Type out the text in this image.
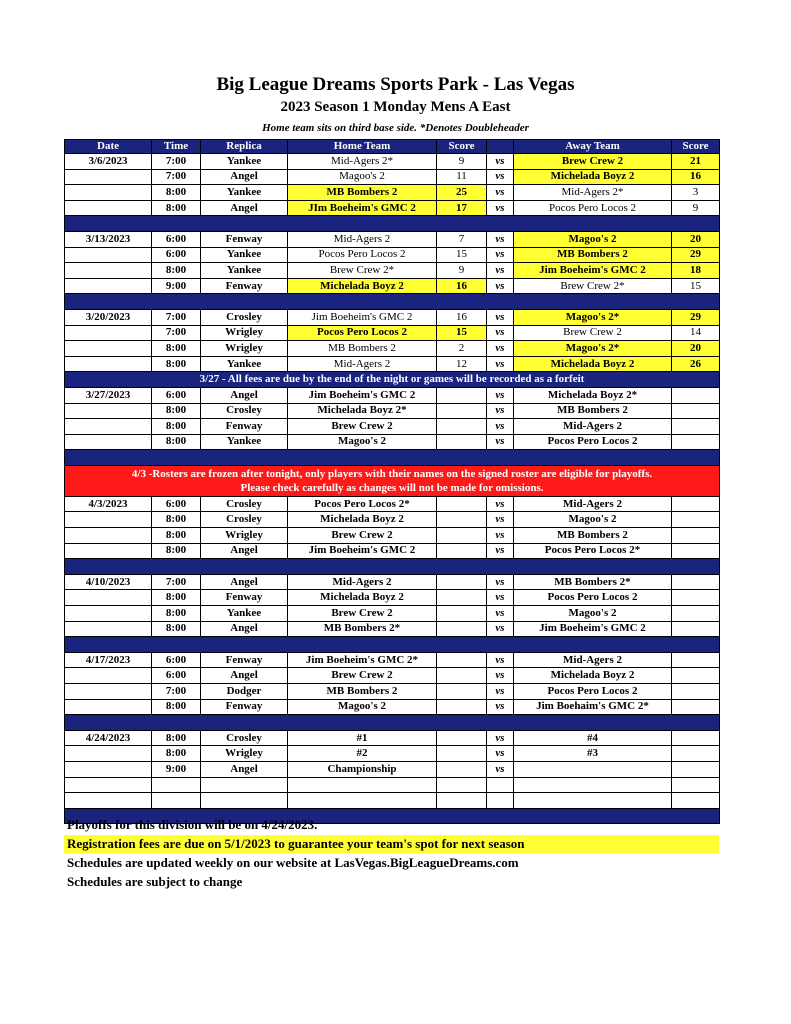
Big League Dreams Sports Park - Las Vegas
2023 Season 1 Monday Mens A East
Home team sits on third base side. *Denotes Doubleheader
Date	Time	Replica	Home Team	Score		Away Team	Score
3/6/2023	7:00	Yankee	Mid-Agers 2*	9	vs	Brew Crew 2	21
	7:00	Angel	Magoo's 2	11	vs	Michelada Boyz 2	16
	8:00	Yankee	MB Bombers 2	25	vs	Mid-Agers 2*	3
	8:00	Angel	JIm Boeheim's GMC 2	17	vs	Pocos Pero Locos 2	9

3/13/2023	6:00	Fenway	Mid-Agers 2	7	vs	Magoo's 2	20
	6:00	Yankee	Pocos Pero Locos 2	15	vs	MB Bombers 2	29
	8:00	Yankee	Brew Crew 2*	9	vs	Jim Boeheim's GMC 2	18
	9:00	Fenway	Michelada Boyz 2	16	vs	Brew Crew 2*	15

3/20/2023	7:00	Crosley	Jim Boeheim's GMC 2	16	vs	Magoo's 2*	29
	7:00	Wrigley	Pocos Pero Locos 2	15	vs	Brew Crew 2	14
	8:00	Wrigley	MB Bombers 2	2	vs	Magoo's 2*	20
	8:00	Yankee	Mid-Agers 2	12	vs	Michelada Boyz 2	26
3/27 - All fees are due by the end of the night or games will be recorded as a forfeit							
3/27/2023	6:00	Angel	Jim Boeheim's GMC 2		vs	Michelada Boyz 2*	
	8:00	Crosley	Michelada Boyz 2*		vs	MB Bombers 2	
	8:00	Fenway	Brew Crew 2		vs	Mid-Agers 2	
	8:00	Yankee	Magoo's 2		vs	Pocos Pero Locos 2	

4/3 -Rosters are frozen after tonight, only players with their names on the signed roster are eligible for playoffs.
Please check carefully as changes will not be made for omissions.							

4/3/2023	6:00	Crosley	Pocos Pero Locos 2*		vs	Mid-Agers 2	
	8:00	Crosley	Michelada Boyz 2		vs	Magoo's 2	
	8:00	Wrigley	Brew Crew 2		vs	MB Bombers 2	
	8:00	Angel	Jim Boeheim's GMC 2		vs	Pocos Pero Locos 2*	

4/10/2023	7:00	Angel	Mid-Agers 2		vs	MB Bombers 2*	
	8:00	Fenway	Michelada Boyz 2		vs	Pocos Pero Locos 2	
	8:00	Yankee	Brew Crew 2		vs	Magoo's 2	
	8:00	Angel	MB Bombers 2*		vs	Jim Boeheim's GMC 2	

4/17/2023	6:00	Fenway	Jim Boeheim's GMC 2*		vs	Mid-Agers 2	
	6:00	Angel	Brew Crew 2		vs	Michelada Boyz 2	
	7:00	Dodger	MB Bombers 2		vs	Pocos Pero Locos 2	
	8:00	Fenway	Magoo's 2		vs	Jim Boehaim's GMC 2*	

4/24/2023	8:00	Crosley	#1		vs	#4	
	8:00	Wrigley	#2		vs	#3	
	9:00	Angel	Championship		vs		

Playoffs for this division will be on 4/24/2023.
Registration fees are due on 5/1/2023 to guarantee your team's spot for next season
Schedules are updated weekly on our website at LasVegas.BigLeagueDreams.com
Schedules are subject to change
